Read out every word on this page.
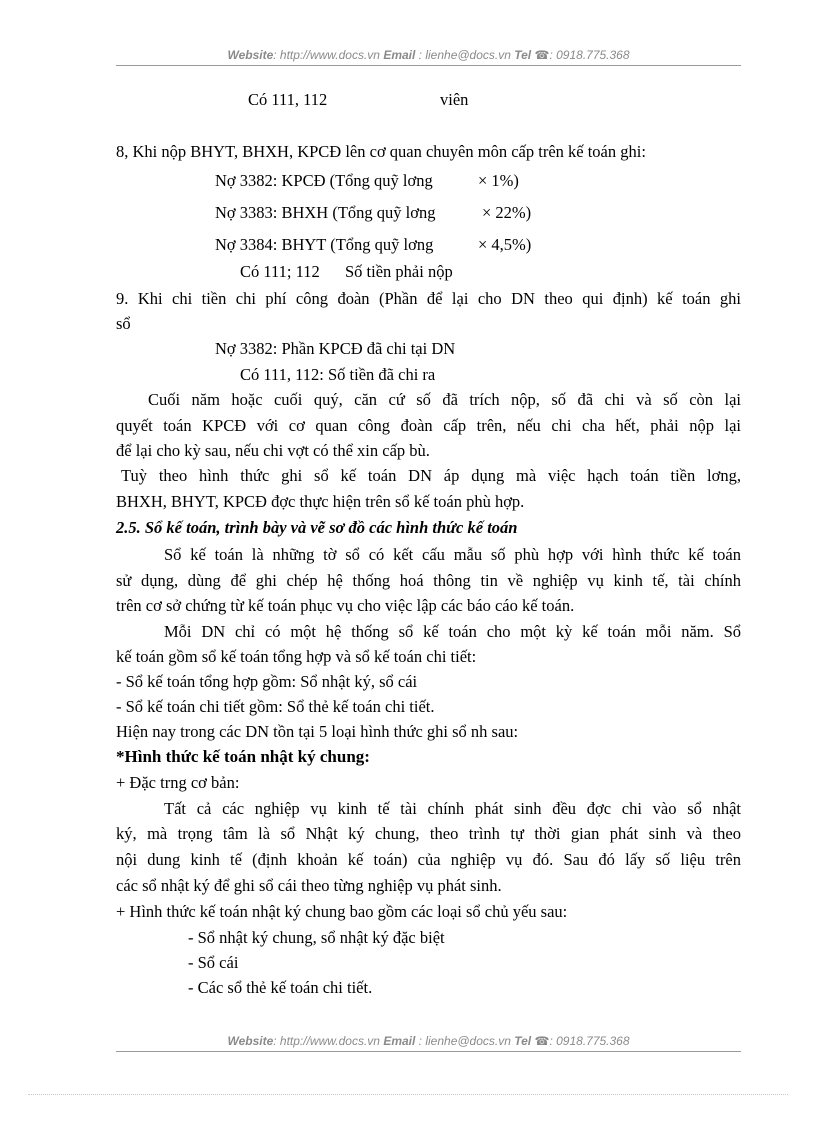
Website: http://www.docs.vn Email : lienhe@docs.vn Tel ☎: 0918.775.368
Có 111, 112	viên
8, Khi nộp BHYT, BHXH, KPCĐ lên cơ quan chuyên môn cấp trên kế toán ghi:
Nợ 3382: KPCĐ (Tổng quỹ lơng	× 1%)
Nợ 3383: BHXH (Tổng quỹ lơng	× 22%)
Nợ 3384: BHYT (Tổng quỹ lơng	× 4,5%)
Có 111; 112 Số tiền phải nộp
9. Khi chi tiền chi phí công đoàn (Phần để lại cho DN theo qui định) kế toán ghi
sổ
Nợ 3382: Phần KPCĐ đã chi tại DN
Có 111, 112: Số tiền đã chi ra
Cuối năm hoặc cuối quý, căn cứ số đã trích nộp, số đã chi và số còn lại
quyết toán KPCĐ với cơ quan công đoàn cấp trên, nếu chi cha hết, phải nộp lại
để lại cho kỳ sau, nếu chi vợt có thể xin cấp bù.
Tuỳ theo hình thức ghi sổ kế toán DN áp dụng mà việc hạch toán tiền lơng,
BHXH, BHYT, KPCĐ đợc thực hiện trên sổ kế toán phù hợp.
2.5. Sổ kế toán, trình bày và vẽ sơ đồ các hình thức kế toán
Sổ kế toán là những tờ sổ có kết cấu mẫu số phù hợp với hình thức kế toán
sử dụng, dùng để ghi chép hệ thống hoá thông tin về nghiệp vụ kinh tế, tài chính
trên cơ sở chứng từ kế toán phục vụ cho việc lập các báo cáo kế toán.
Mỗi DN chỉ có một hệ thống sổ kế toán cho một kỳ kế toán mỗi năm. Sổ
kế toán gồm sổ kế toán tổng hợp và sổ kế toán chi tiết:
- Sổ kế toán tổng hợp gồm: Sổ nhật ký, sổ cái
- Sổ kế toán chi tiết gồm: Sổ thẻ kế toán chi tiết.
Hiện nay trong các DN tồn tại 5 loại hình thức ghi sổ nh sau:
*Hình thức kế toán nhật ký chung:
+ Đặc trng cơ bản:
Tất cả các nghiệp vụ kinh tế tài chính phát sinh đều đợc chi vào sổ nhật
ký, mà trọng tâm là sổ Nhật ký chung, theo trình tự thời gian phát sinh và theo
nội dung kinh tế (định khoản kế toán) của nghiệp vụ đó. Sau đó lấy số liệu trên
các sổ nhật ký để ghi sổ cái theo từng nghiệp vụ phát sinh.
+ Hình thức kế toán nhật ký chung bao gồm các loại sổ chủ yếu sau:
- Sổ nhật ký chung, sổ nhật ký đặc biệt
- Sổ cái
- Các sổ thẻ kế toán chi tiết.
Website: http://www.docs.vn Email : lienhe@docs.vn Tel ☎: 0918.775.368
